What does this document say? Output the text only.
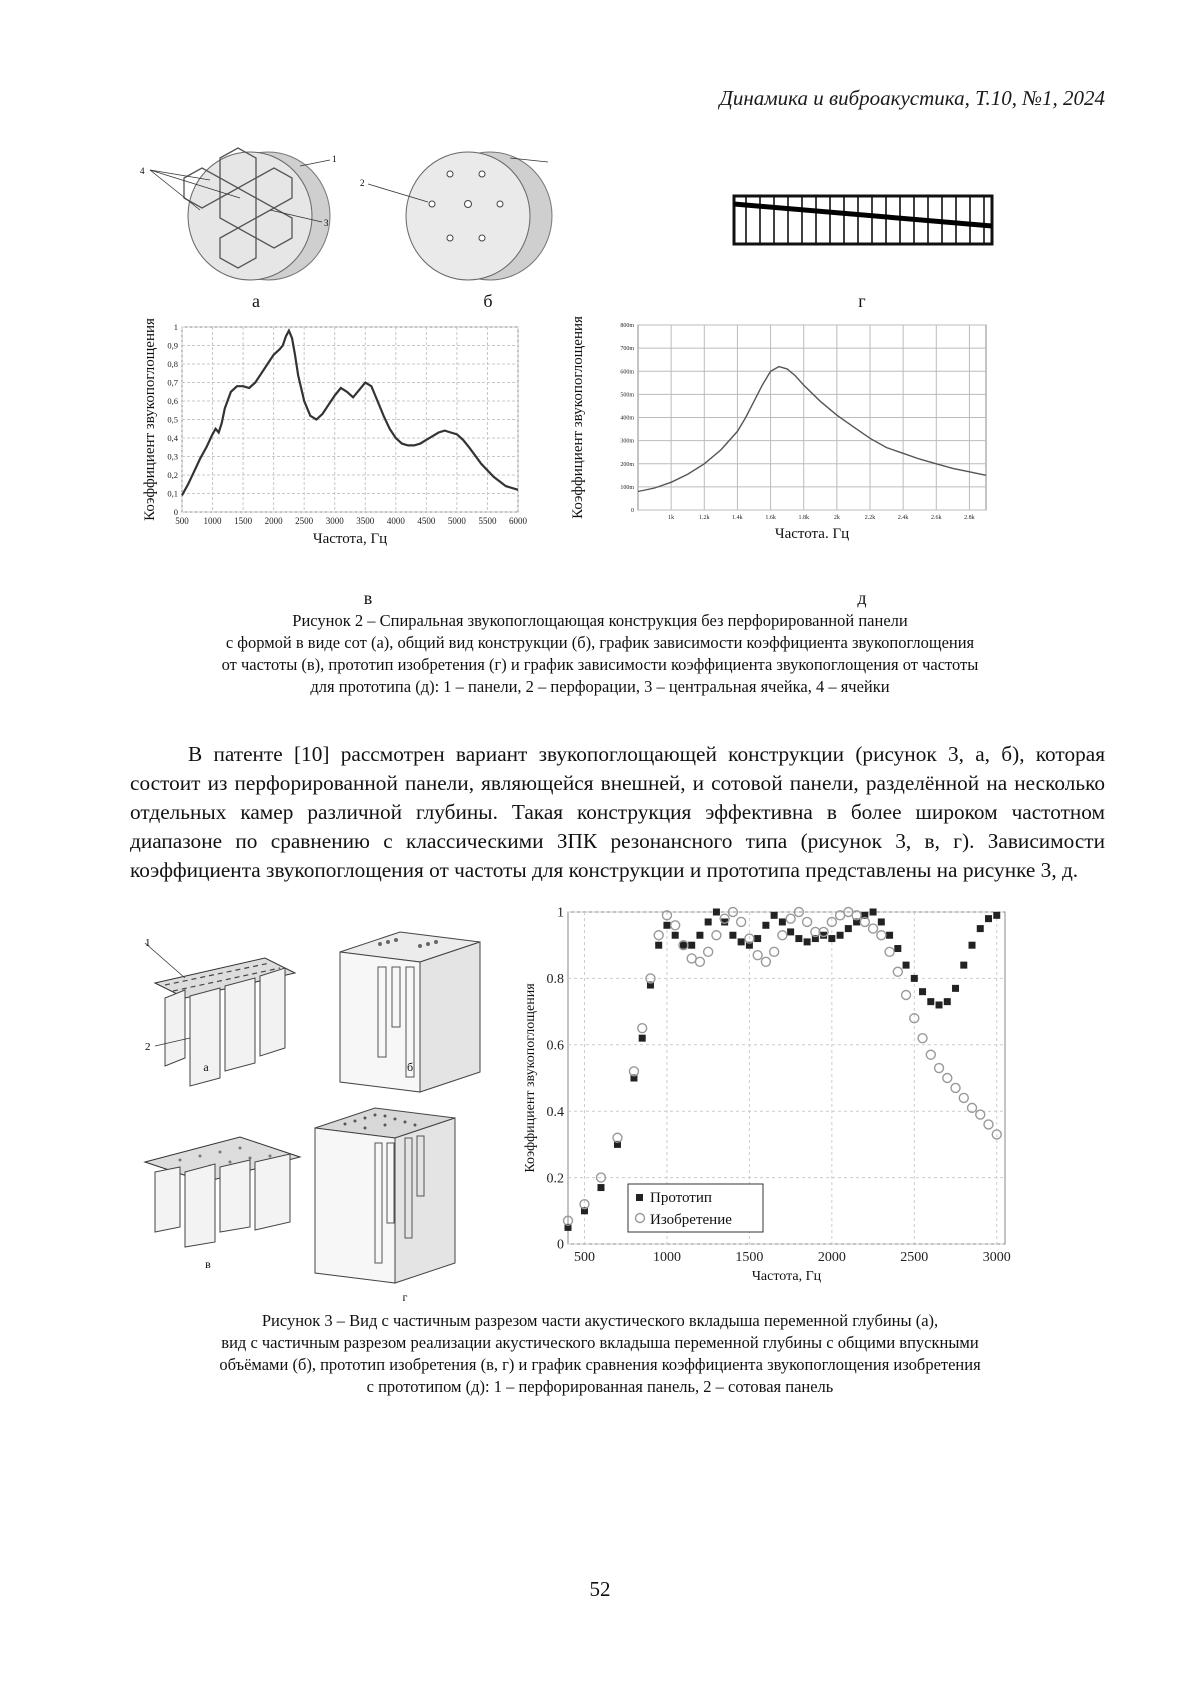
Динамика и виброакустика, Т.10, №1, 2024
4
1
3
2
а	б	г
500 1000 1500 2000 2500 3000 3500 4000 4500 5000 5500 6000
0
0,1
0,2
0,3
0,4
0,5
0,6
0,7
0,8
0,9
1
Частота, Гц
Коэффициент звукопоглощения	1k	1.2k	1.4k	1.6k	1.8k	2k	2.2k	2.4k	2.6k	2.8k
0
100m
200m
300m
400m
500m
600m
700m
800m
Частота. Гц
Коэффициент звукопоглощения
в	д
Рисунок 2 – Спиральная звукопоглощающая конструкция без перфорированной панели
с формой в виде сот (а), общий вид конструкции (б), график зависимости коэффициента звукопоглощения
от частоты (в), прототип изобретения (г) и график зависимости коэффициента звукопоглощения от частоты
для прототипа (д): 1 – панели, 2 – перфорации, 3 – центральная ячейка, 4 – ячейки
В патенте [10] рассмотрен вариант звукопоглощающей конструкции (рисунок 3, а, б), которая состоит из перфорированной панели, являющейся внешней, и сотовой панели, разделённой на несколько отдельных камер различной глубины. Такая конструкция эффективна в более широком частотном диапазоне по сравнению с классическими ЗПК резонансного типа (рисунок 3, в, г). Зависимости коэффициента звукопоглощения от частоты для конструкции и прототипа представлены на рисунке 3, д.
1
2
а	б
в
г
500	1000	1500	2000	2500	3000
0
0.2
0.4
0.6
0.8
1
Частота, Гц
Коэффициент звукопоглощения
Прототип
Изобретение
Рисунок 3 – Вид с частичным разрезом части акустического вкладыша переменной глубины (а),
вид с частичным разрезом реализации акустического вкладыша переменной глубины с общими впускными
объёмами (б), прототип изобретения (в, г) и график сравнения коэффициента звукопоглощения изобретения
с прототипом (д): 1 – перфорированная панель, 2 – сотовая панель
52
